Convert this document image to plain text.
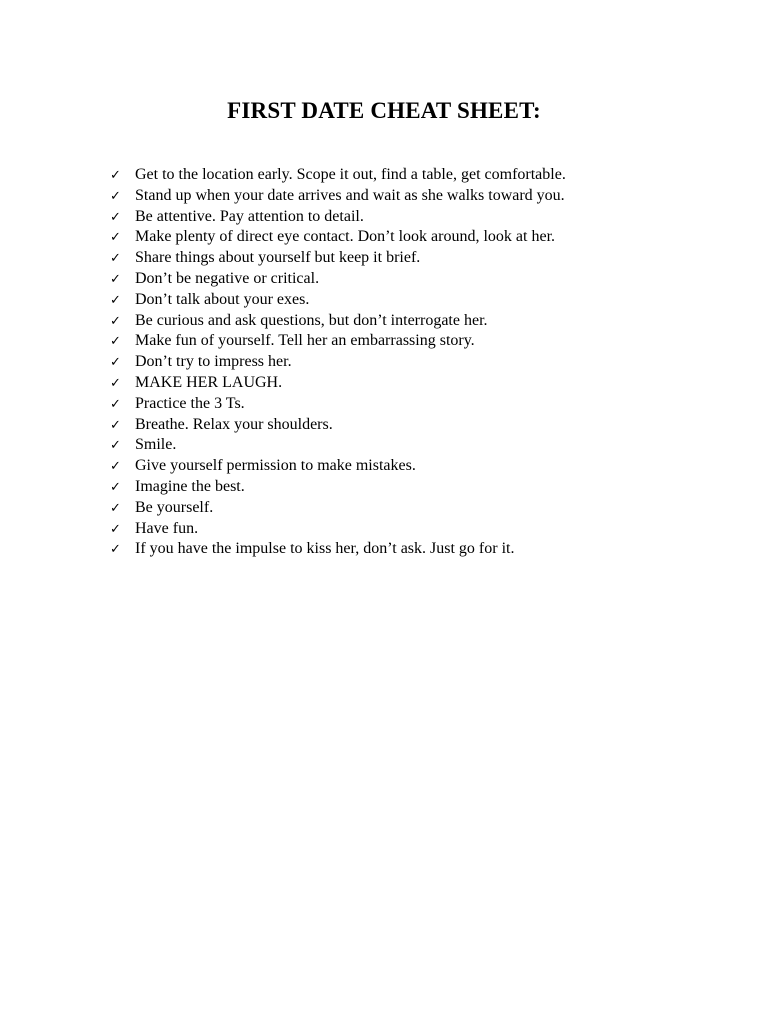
FIRST DATE CHEAT SHEET:
✓ Get to the location early. Scope it out, find a table, get comfortable.
✓ Stand up when your date arrives and wait as she walks toward you.
✓ Be attentive. Pay attention to detail.
✓ Make plenty of direct eye contact. Don’t look around, look at her.
✓ Share things about yourself but keep it brief.
✓ Don’t be negative or critical.
✓ Don’t talk about your exes.
✓ Be curious and ask questions, but don’t interrogate her.
✓ Make fun of yourself. Tell her an embarrassing story.
✓ Don’t try to impress her.
✓ MAKE HER LAUGH.
✓ Practice the 3 Ts.
✓ Breathe. Relax your shoulders.
✓ Smile.
✓ Give yourself permission to make mistakes.
✓ Imagine the best.
✓ Be yourself.
✓ Have fun.
✓ If you have the impulse to kiss her, don’t ask. Just go for it.
